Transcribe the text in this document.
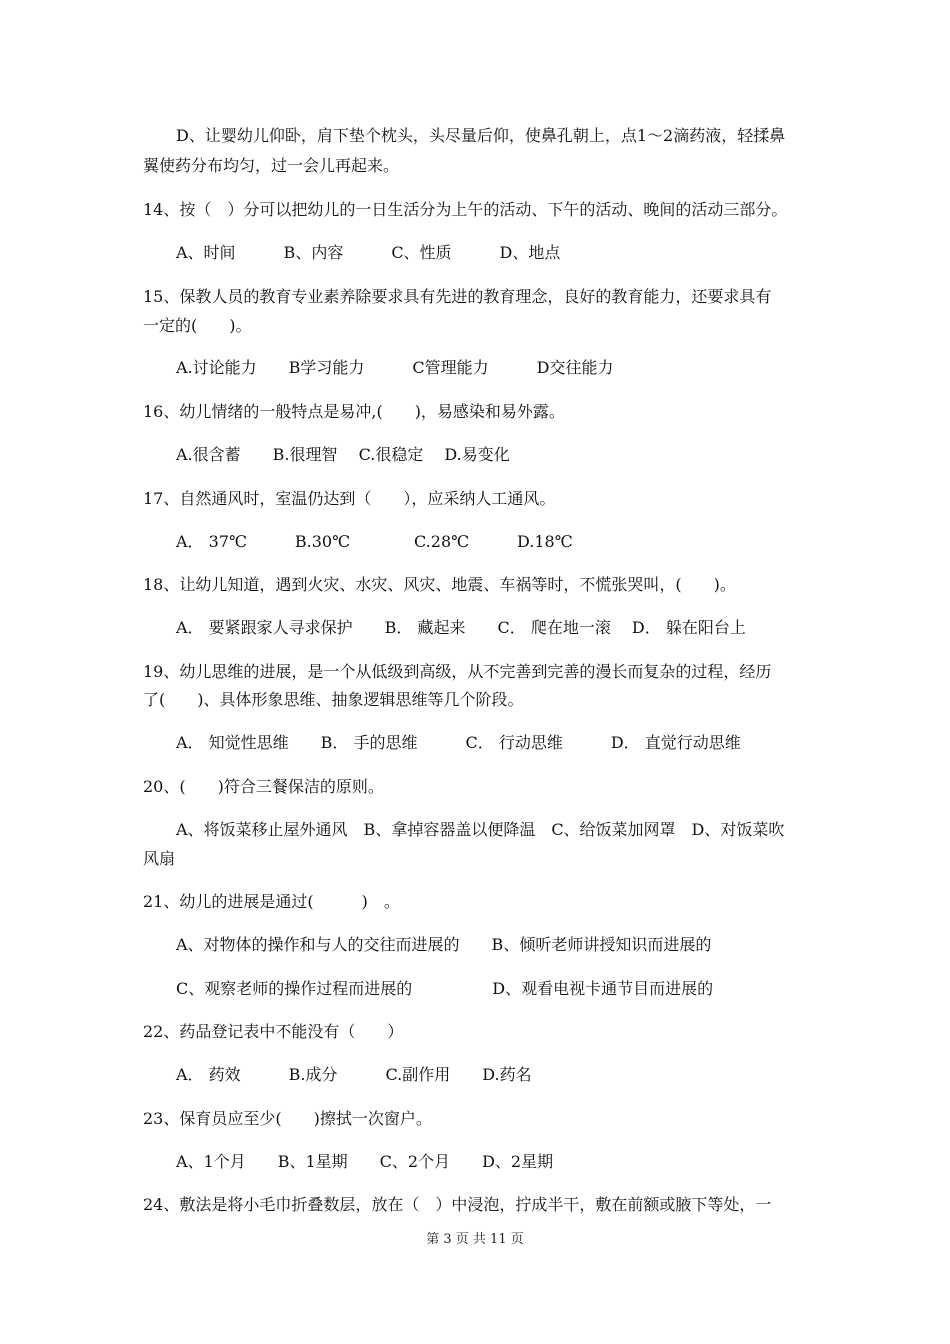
D、让婴幼儿仰卧，肩下垫个枕头，头尽量后仰，使鼻孔朝上，点1～2滴药液，轻揉鼻
翼使药分布均匀，过一会儿再起来。
14、按（　）分可以把幼儿的一日生活分为上午的活动、下午的活动、晚间的活动三部分。
A、时间　　　B、内容　　　C、性质　　　D、地点
15、保教人员的教育专业素养除要求具有先进的教育理念，良好的教育能力，还要求具有
一定的(　　)。
A.讨论能力　　B学习能力　　　C管理能力　　　D交往能力
16、幼儿情绪的一般特点是易冲,(　　)，易感染和易外露。
A.很含蓄　　B.很理智　 C.很稳定　 D.易变化
17、自然通风时，室温仍达到（　　），应采纳人工通风。
A． 37℃　　　B.30℃　　　　C.28℃　　　D.18℃
18、让幼儿知道，遇到火灾、水灾、风灾、地震、车祸等时，不慌张哭叫，(　　)。
A． 要紧跟家人寻求保护　　B． 藏起来　　C． 爬在地一滚　 D． 躲在阳台上
19、幼儿思维的进展，是一个从低级到高级，从不完善到完善的漫长而复杂的过程，经历
了(　　)、具体形象思维、抽象逻辑思维等几个阶段。
A． 知觉性思维　　B． 手的思维　　　C． 行动思维　　　D． 直觉行动思维
20、(　　)符合三餐保洁的原则。
A、将饭菜移止屋外通风　B、拿掉容器盖以便降温　C、给饭菜加网罩　D、对饭菜吹
风扇
21、幼儿的进展是通过(　　　)　。
A、对物体的操作和与人的交往而进展的　　B、倾听老师讲授知识而进展的
C、观察老师的操作过程而进展的　　　　　D、观看电视卡通节目而进展的
22、药品登记表中不能没有（　　）
A． 药效　　　B.成分　　　C.副作用　　D.药名
23、保育员应至少(　　)擦拭一次窗户。
A、1个月　　B、1星期　　C、2个月　　D、2星期
24、敷法是将小毛巾折叠数层，放在（　）中浸泡，拧成半干，敷在前额或腋下等处，一
第 3 页 共 11 页
